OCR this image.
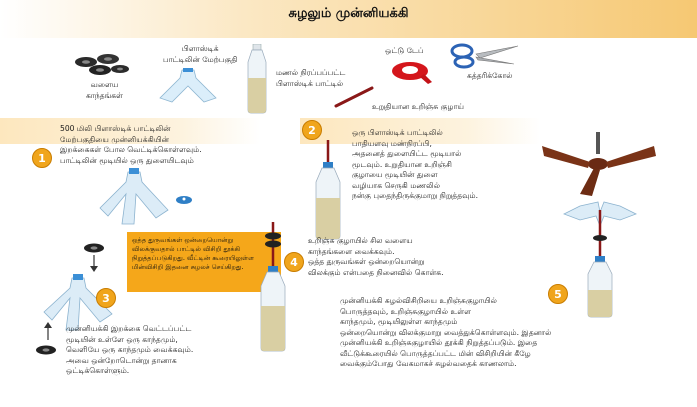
சுழலும் முன்னியக்கி
வளைய
காந்தங்கள்
பிளாஸ்டிக்
பாட்டிலின் மேற்பகுதி
மணல் நிரப்பப்பட்ட
பிளாஸ்டிக் பாட்டில்
ஒட்டு டேப்
கத்தரிக்கோல்
உறுதியான உறிஞ்சு குழாய்
1
500 மிலி பிளாஸ்டிக் பாட்டிலின்
மேற்பகுதியை முன்னியக்கியின்
இறக்கைகள் போல வெட்டிக்கொள்ளவும்.
பாட்டிலின் மூடியில் ஒரு துளையிடவும்
2	ஒரு பிளாஸ்டிக் பாட்டிலில்
பாதியளவு மண்நிரப்பி,
அதனைத் துளையிட்ட மூடியால்
மூடவும். உறுதியான உறிஞ்சி
குழாயை மூடியின் துளை
வழியாக செருகி மணலில்
நன்கு புதைந்திருக்குமாறு நிறுத்தவும்.
ஒத்த துருவங்கள் ஒன்றையொன்று விலக்குவதால் பாட்டில் விசிறி தூக்கி நிறுத்தப்படுகிறது. வீட்டின் கூரையிலுள்ள மின்விசிறி இதனை சுழலச் செய்கிறது.
3
முன்னியக்கி இறக்கை வெட்டப்பட்ட
மூடியின் உள்ளே ஒரு காந்தமும்,
வெளியே ஒரு காந்தமும் வைக்கவும்.
அவை ஒன்றோடொன்று தானாக
ஒட்டிக்கொள்ளும்.
4
உறிஞ்சு குழாயில் சில வளைய
காந்தங்களை வைக்கவும்.
ஒத்த துருவங்கள் ஒன்றையொன்று
விலக்கும் என்பதை நினைவில் கொள்க.
முன்னியக்கி சுழல்விசிறியை உறிஞ்சுகுழாயில்
பொருத்தவும், உறிஞ்சுகுழாயில் உள்ள
காந்தமும், மூடியிலுள்ள காந்தமும்
ஒன்றையொன்று விலக்குமாறு வைத்துக்கொள்ளவும். இதனால்
முன்னியக்கி உறிஞ்சுகுழாயில் தூக்கி நிறுத்தப்படும். இதை
வீட்டுக்கூரையில் பொருத்தப்பட்ட மின் விசிறியின் கீழே
வைக்கும்போது வேகமாகச் சுழல்வதைக் காணலாம்.
5
